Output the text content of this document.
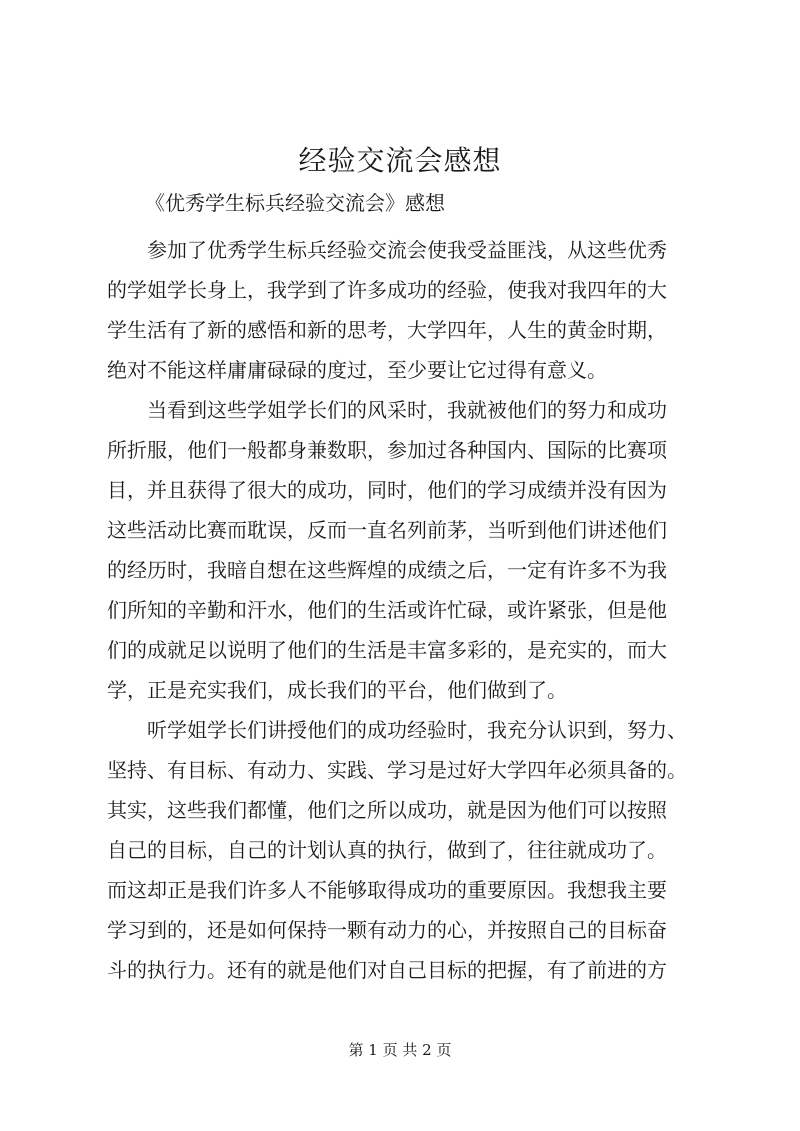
经验交流会感想

《优秀学生标兵经验交流会》感想

参加了优秀学生标兵经验交流会使我受益匪浅，从这些优秀
的学姐学长身上，我学到了许多成功的经验，使我对我四年的大
学生活有了新的感悟和新的思考，大学四年，人生的黄金时期，
绝对不能这样庸庸碌碌的度过，至少要让它过得有意义。
当看到这些学姐学长们的风采时，我就被他们的努力和成功
所折服，他们一般都身兼数职，参加过各种国内、国际的比赛项
目，并且获得了很大的成功，同时，他们的学习成绩并没有因为
这些活动比赛而耽误，反而一直名列前茅，当听到他们讲述他们
的经历时，我暗自想在这些辉煌的成绩之后，一定有许多不为我
们所知的辛勤和汗水，他们的生活或许忙碌，或许紧张，但是他
们的成就足以说明了他们的生活是丰富多彩的，是充实的，而大
学，正是充实我们，成长我们的平台，他们做到了。
听学姐学长们讲授他们的成功经验时，我充分认识到，努力、
坚持、有目标、有动力、实践、学习是过好大学四年必须具备的。
其实，这些我们都懂，他们之所以成功，就是因为他们可以按照
自己的目标，自己的计划认真的执行，做到了，往往就成功了。
而这却正是我们许多人不能够取得成功的重要原因。我想我主要
学习到的，还是如何保持一颗有动力的心，并按照自己的目标奋
斗的执行力。还有的就是他们对自己目标的把握，有了前进的方

第 1 页 共 2 页
